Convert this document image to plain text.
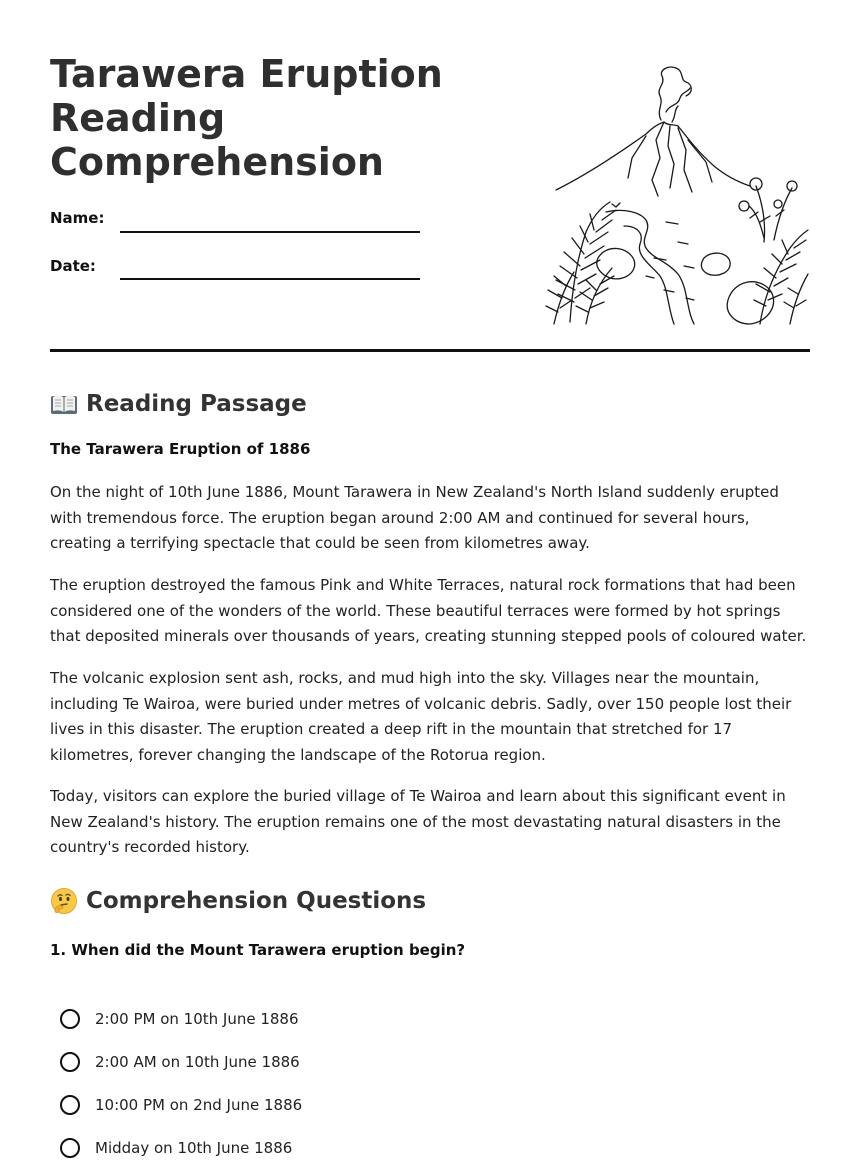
Tarawera Eruption Reading Comprehension
Name:
Date:
Reading Passage
The Tarawera Eruption of 1886

On the night of 10th June 1886, Mount Tarawera in New Zealand's North Island suddenly erupted with tremendous force. The eruption began around 2:00 AM and continued for several hours, creating a terrifying spectacle that could be seen from kilometres away.

The eruption destroyed the famous Pink and White Terraces, natural rock formations that had been considered one of the wonders of the world. These beautiful terraces were formed by hot springs that deposited minerals over thousands of years, creating stunning stepped pools of coloured water.

The volcanic explosion sent ash, rocks, and mud high into the sky. Villages near the mountain, including Te Wairoa, were buried under metres of volcanic debris. Sadly, over 150 people lost their lives in this disaster. The eruption created a deep rift in the mountain that stretched for 17 kilometres, forever changing the landscape of the Rotorua region.

Today, visitors can explore the buried village of Te Wairoa and learn about this significant event in New Zealand's history. The eruption remains one of the most devastating natural disasters in the country's recorded history.

Comprehension Questions
1. When did the Mount Tarawera eruption begin?
2:00 PM on 10th June 1886
2:00 AM on 10th June 1886
10:00 PM on 2nd June 1886
Midday on 10th June 1886
